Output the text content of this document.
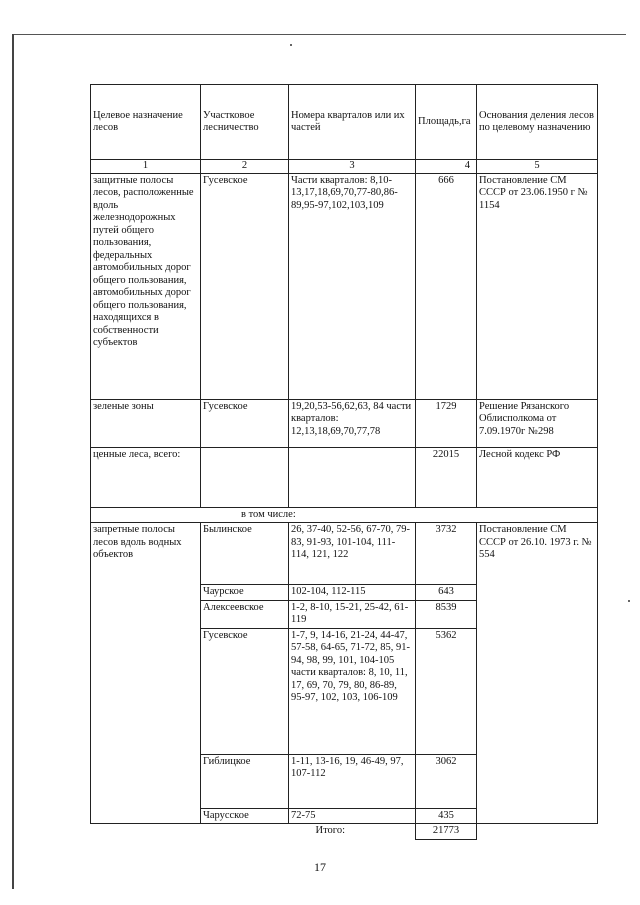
Целевое назначение лесов	Участковое лесничество	Номера кварталов или их частей	Площадь,га	Основания деления лесов по целевому назначению
1	2	3	4	5
защитные полосы лесов, расположенные вдоль железнодорожных путей общего пользования, федеральных автомобильных дорог общего пользования, автомобильных дорог общего пользования, находящихся в собственности субъектов	Гусевское	Части кварталов: 8,10-13,17,18,69,70,77-80,86-89,95-97,102,103,109	666	Постановление СМ СССР от 23.06.1950 г № 1154
зеленые зоны	Гусевское	19,20,53-56,62,63, 84 части кварталов: 12,13,18,69,70,77,78	1729	Решение Рязанского Облисполкома от 7.09.1970г №298
ценные леса, всего:			22015	Лесной кодекс РФ
в том числе:				
запретные полосы лесов вдоль водных объектов	Былинское	26, 37-40, 52-56, 67-70, 79-83, 91-93, 101-104, 111-114, 121, 122	3732	Постановление СМ СССР от 26.10. 1973 г. № 554
	Чаурское	102-104, 112-115	643	
	Алексеевское	1-2, 8-10, 15-21, 25-42, 61-119	8539	
	Гусевское	1-7, 9, 14-16, 21-24, 44-47, 57-58, 64-65, 71-72, 85, 91-94, 98, 99, 101, 104-105 части кварталов: 8, 10, 11, 17, 69, 70, 79, 80, 86-89, 95-97, 102, 103, 106-109	5362	
	Гиблицкое	1-11, 13-16, 19, 46-49, 97, 107-112	3062	
	Чарусское	72-75	435	
Итого:			21773	
17
